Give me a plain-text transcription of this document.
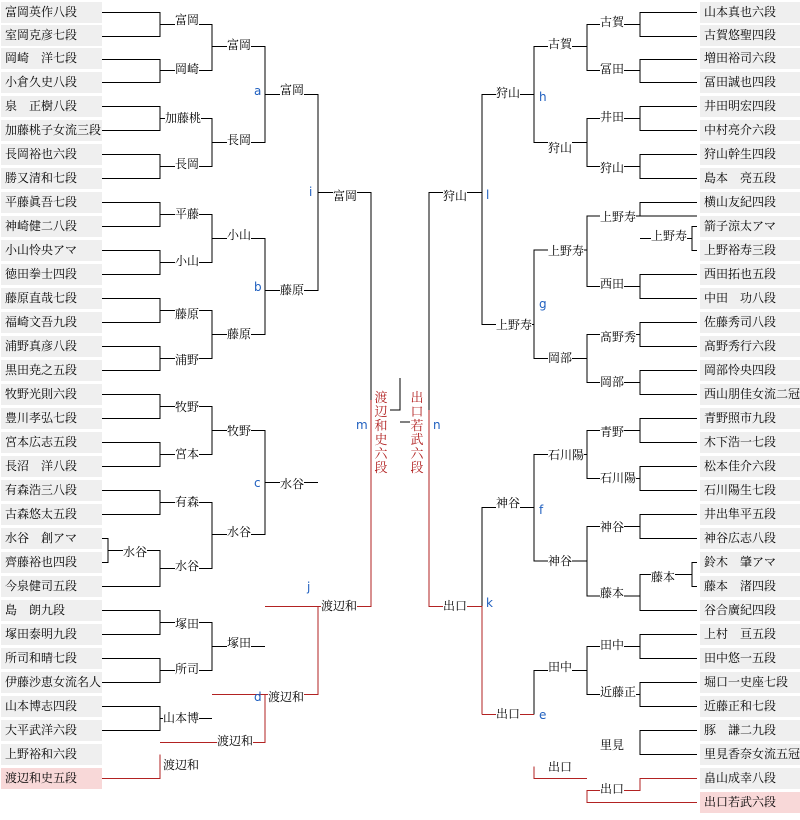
富岡英作八段
室岡克彦七段
岡崎　洋七段
小倉久史八段
泉　正樹八段
加藤桃子女流三段
長岡裕也六段
勝又清和七段
平藤眞吾七段
神崎健二八段
小山怜央アマ
徳田拳士四段
藤原直哉七段
福崎文吾九段
浦野真彦八段
黒田尭之五段
牧野光則六段
豊川孝弘七段
宮本広志五段
長沼　洋八段
有森浩三八段
古森悠太五段
水谷　創アマ
齊藤裕也四段
今泉健司五段
島　朗九段
塚田泰明九段
所司和晴七段
伊藤沙恵女流名人
山本博志四段
大平武洋六段
上野裕和六段
渡辺和史五段
山本真也六段
古賀悠聖四段
増田裕司六段
冨田誠也四段
井田明宏四段
中村亮介六段
狩山幹生四段
島本　亮五段
横山友紀四段
箭子涼太アマ
上野裕寿三段
西田拓也五段
中田　功八段
佐藤秀司八段
髙野秀行六段
岡部怜央四段
西山朋佳女流二冠
青野照市九段
木下浩一七段
松本佳介六段
石川陽生七段
井出隼平五段
神谷広志八段
鈴木　肇アマ
藤本　渚四段
谷合廣紀四段
上村　亘五段
田中悠一五段
堀口一史座七段
近藤正和七段
豚　謙二九段
里見香奈女流五冠
畠山成幸八段
出口若武六段
富岡
岡崎
加藤桃
長岡
平藤
小山
藤原
浦野
牧野
宮本
有森
水谷
水谷
塚田
所司
山本博
渡辺和
富岡
長岡
小山
藤原
牧野
水谷
塚田
渡辺和
富岡
藤原
水谷
渡辺和
富岡
渡辺和
古賀
冨田
井田
狩山
上野寿
上野寿
西田
髙野秀
岡部
青野
石川陽
神谷
藤本
藤本
田中
近藤正
里見
出口
古賀
狩山
上野寿
岡部
石川陽
神谷
田中
出口
狩山
上野寿
神谷
出口
狩山
出口
a
b
c
d
e
f
g
h
i
j
k
l
m	n
渡辺和史六段
出口若武六段
